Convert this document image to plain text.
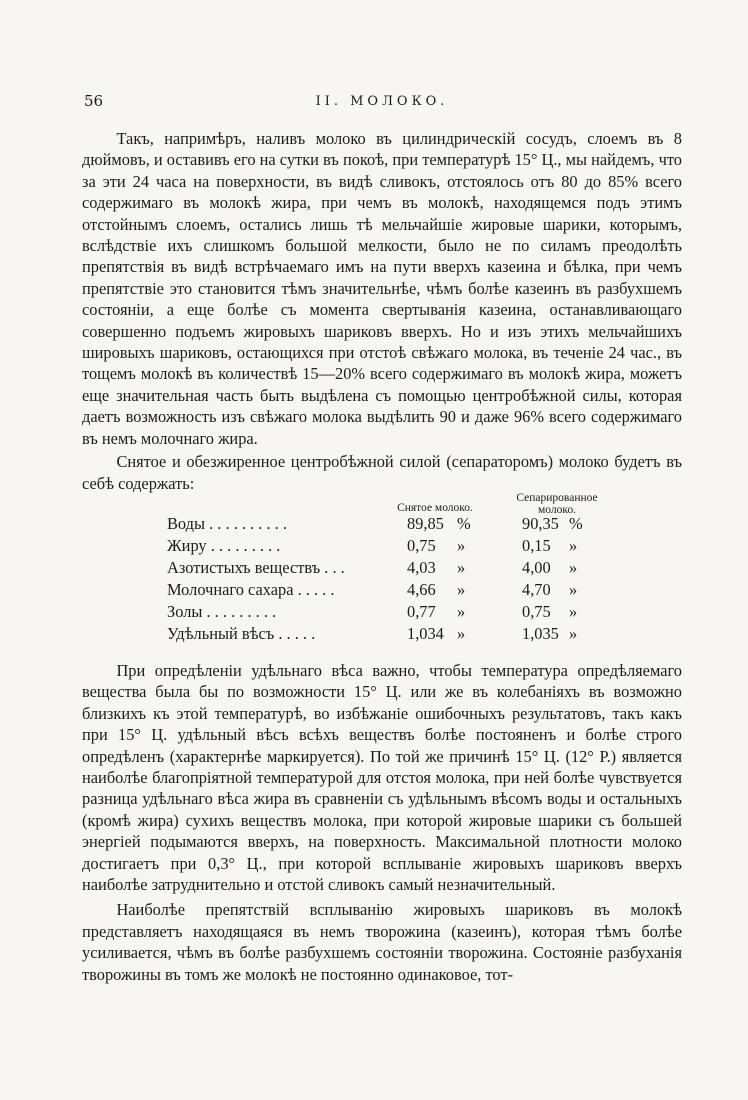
56	II. МОЛОКО.

Такъ, напримѣръ, наливъ молоко въ цилиндрическій сосудъ, слоемъ въ 8 дюймовъ, и оставивъ его на сутки въ покоѣ, при температурѣ 15° Ц., мы найдемъ, что за эти 24 часа на поверхности, въ видѣ сливокъ, отстоялось отъ 80 до 85% всего содержимаго въ молокѣ жира, при чемъ въ молокѣ, находящемся подъ этимъ отстойнымъ слоемъ, остались лишь тѣ мельчайшіе жировые шарики, которымъ, вслѣдствіе ихъ слишкомъ большой мелкости, было не по силамъ преодолѣть препятствія въ видѣ встрѣчаемаго имъ на пути вверхъ казеина и бѣлка, при чемъ препятствіе это становится тѣмъ значительнѣе, чѣмъ болѣе казеинъ въ разбухшемъ состояніи, а еще болѣе съ момента свертыванія казеина, останавливающаго совершенно подъемъ жировыхъ шариковъ вверхъ. Но и изъ этихъ мельчайшихъ шировыхъ шариковъ, остающихся при отстоѣ свѣжаго молока, въ теченіе 24 час., въ тощемъ молокѣ въ количествѣ 15—20% всего содержимаго въ молокѣ жира, можетъ еще значительная часть быть выдѣлена съ помощью центробѣжной силы, которая даетъ возможность изъ свѣжаго молока выдѣлить 90 и даже 96% всего содержимаго въ немъ молочнаго жира.

Снятое и обезжиренное центробѣжной силой (сепараторомъ) молоко будетъ въ себѣ содержать:

Снятое молоко.
Сепарированное
молоко.
Воды . . . . . . . . . .	89,85 %	90,35 %
Жиру . . . . . . . . .	0,75 »	0,15 »
Азотистыхъ веществъ . . .	4,03 »	4,00 »
Молочнаго сахара . . . . .	4,66 »	4,70 »
Золы . . . . . . . . .	0,77 »	0,75 »
Удѣльный вѣсъ . . . . .	1,034 »	1,035 »

При опредѣленіи удѣльнаго вѣса важно, чтобы температура опредѣляемаго вещества была бы по возможности 15° Ц. или же въ колебаніяхъ въ возможно близкихъ къ этой температурѣ, во избѣжаніе ошибочныхъ результатовъ, такъ какъ при 15° Ц. удѣльный вѣсъ всѣхъ веществъ болѣе постояненъ и болѣе строго опредѣленъ (характернѣе маркируется). По той же причинѣ 15° Ц. (12° Р.) является наиболѣе благопріятной температурой для отстоя молока, при ней болѣе чувствуется разница удѣльнаго вѣса жира въ сравненіи съ удѣльнымъ вѣсомъ воды и остальныхъ (кромѣ жира) сухихъ веществъ молока, при которой жировые шарики съ большей энергіей подымаются вверхъ, на поверхность. Максимальной плотности молоко достигаетъ при 0,3° Ц., при которой всплываніе жировыхъ шариковъ вверхъ наиболѣе затруднительно и отстой сливокъ самый незначительный.

Наиболѣе препятствій всплыванію жировыхъ шариковъ въ молокѣ представляетъ находящаяся въ немъ творожина (казеинъ), которая тѣмъ болѣе усиливается, чѣмъ въ болѣе разбухшемъ состояніи творожина. Состояніе разбуханія творожины въ томъ же молокѣ не постоянно одинаковое, тот-
